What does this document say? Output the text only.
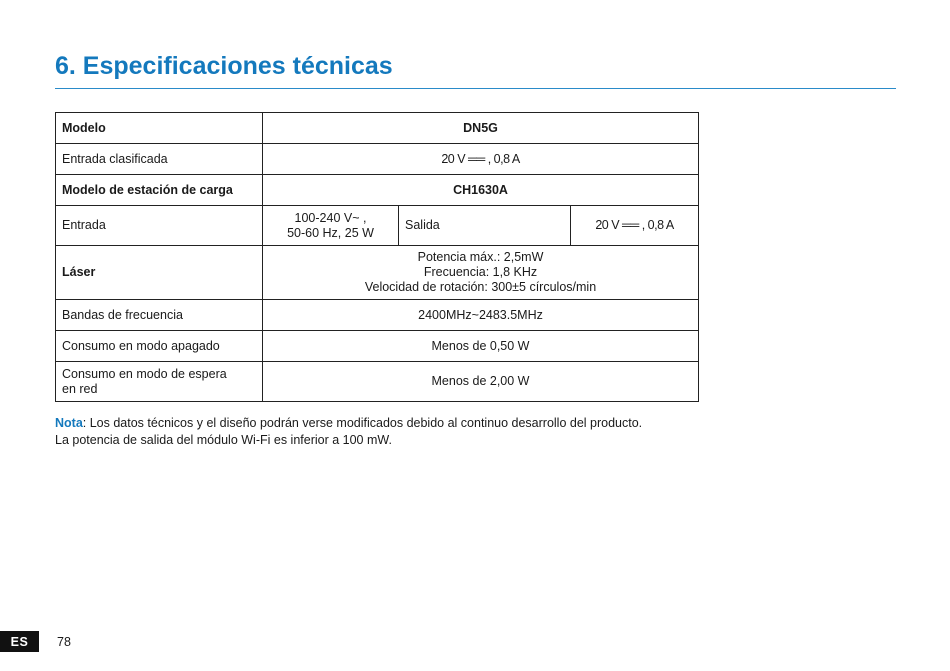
6. Especificaciones técnicas
Modelo	DN5G		
Entrada clasificada	20 V ══ , 0,8 A		
Modelo de estación de carga	CH1630A		
Entrada	100-240 V~ ,
50-60 Hz, 25 W	Salida	20 V ══ , 0,8 A
Láser	Potencia máx.: 2,5mW
Frecuencia: 1,8 KHz
Velocidad de rotación: 300±5 círculos/min		

Bandas de frecuencia	2400MHz~2483.5MHz		
Consumo en modo apagado	Menos de 0,50 W		

Consumo en modo de espera
en red	Menos de 2,00 W		
Nota: Los datos técnicos y el diseño podrán verse modificados debido al continuo desarrollo del producto.
La potencia de salida del módulo Wi-Fi es inferior a 100 mW.
ES	78
